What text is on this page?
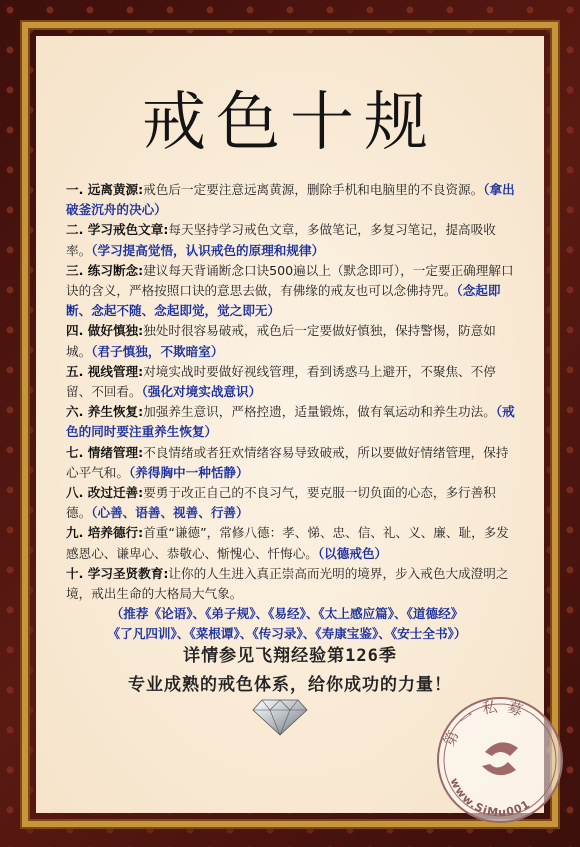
戒色十规

一. 远离黄源:戒色后一定要注意远离黄源，删除手机和电脑里的不良资源。（拿出破釜沉舟的决心）

二. 学习戒色文章:每天坚持学习戒色文章，多做笔记，多复习笔记，提高吸收率。（学习提高觉悟，认识戒色的原理和规律）

三. 练习断念:建议每天背诵断念口诀500遍以上（默念即可），一定要正确理解口诀的含义，严格按照口诀的意思去做，有佛缘的戒友也可以念佛持咒。（念起即断、念起不随、念起即觉，觉之即无）

四. 做好慎独:独处时很容易破戒，戒色后一定要做好慎独，保持警惕，防意如城。（君子慎独，不欺暗室）

五. 视线管理:对境实战时要做好视线管理，看到诱惑马上避开，不聚焦、不停留、不回看。（强化对境实战意识）

六. 养生恢复:加强养生意识，严格控遗，适量锻炼，做有氧运动和养生功法。（戒色的同时要注重养生恢复）

七. 情绪管理:不良情绪或者狂欢情绪容易导致破戒，所以要做好情绪管理，保持心平气和。（养得胸中一种恬静）

八. 改过迁善:要勇于改正自己的不良习气，要克服一切负面的心态，多行善积德。（心善、语善、视善、行善）

九. 培养德行:首重“谦德”，常修八德：孝、悌、忠、信、礼、义、廉、耻，多发感恩心、谦卑心、恭敬心、惭愧心、忏悔心。（以德戒色）

十. 学习圣贤教育:让你的人生进入真正崇高而光明的境界，步入戒色大成澄明之境，戒出生命的大格局大气象。

（推荐《论语》、《弟子规》、《易经》、《太上感应篇》、《道德经》
《了凡四训》、《菜根谭》、《传习录》、《寿康宝鉴》、《安士全书》）
详情参见飞翔经验第126季
专业成熟的戒色体系，给你成功的力量！
第一私募
www.SiMu001
